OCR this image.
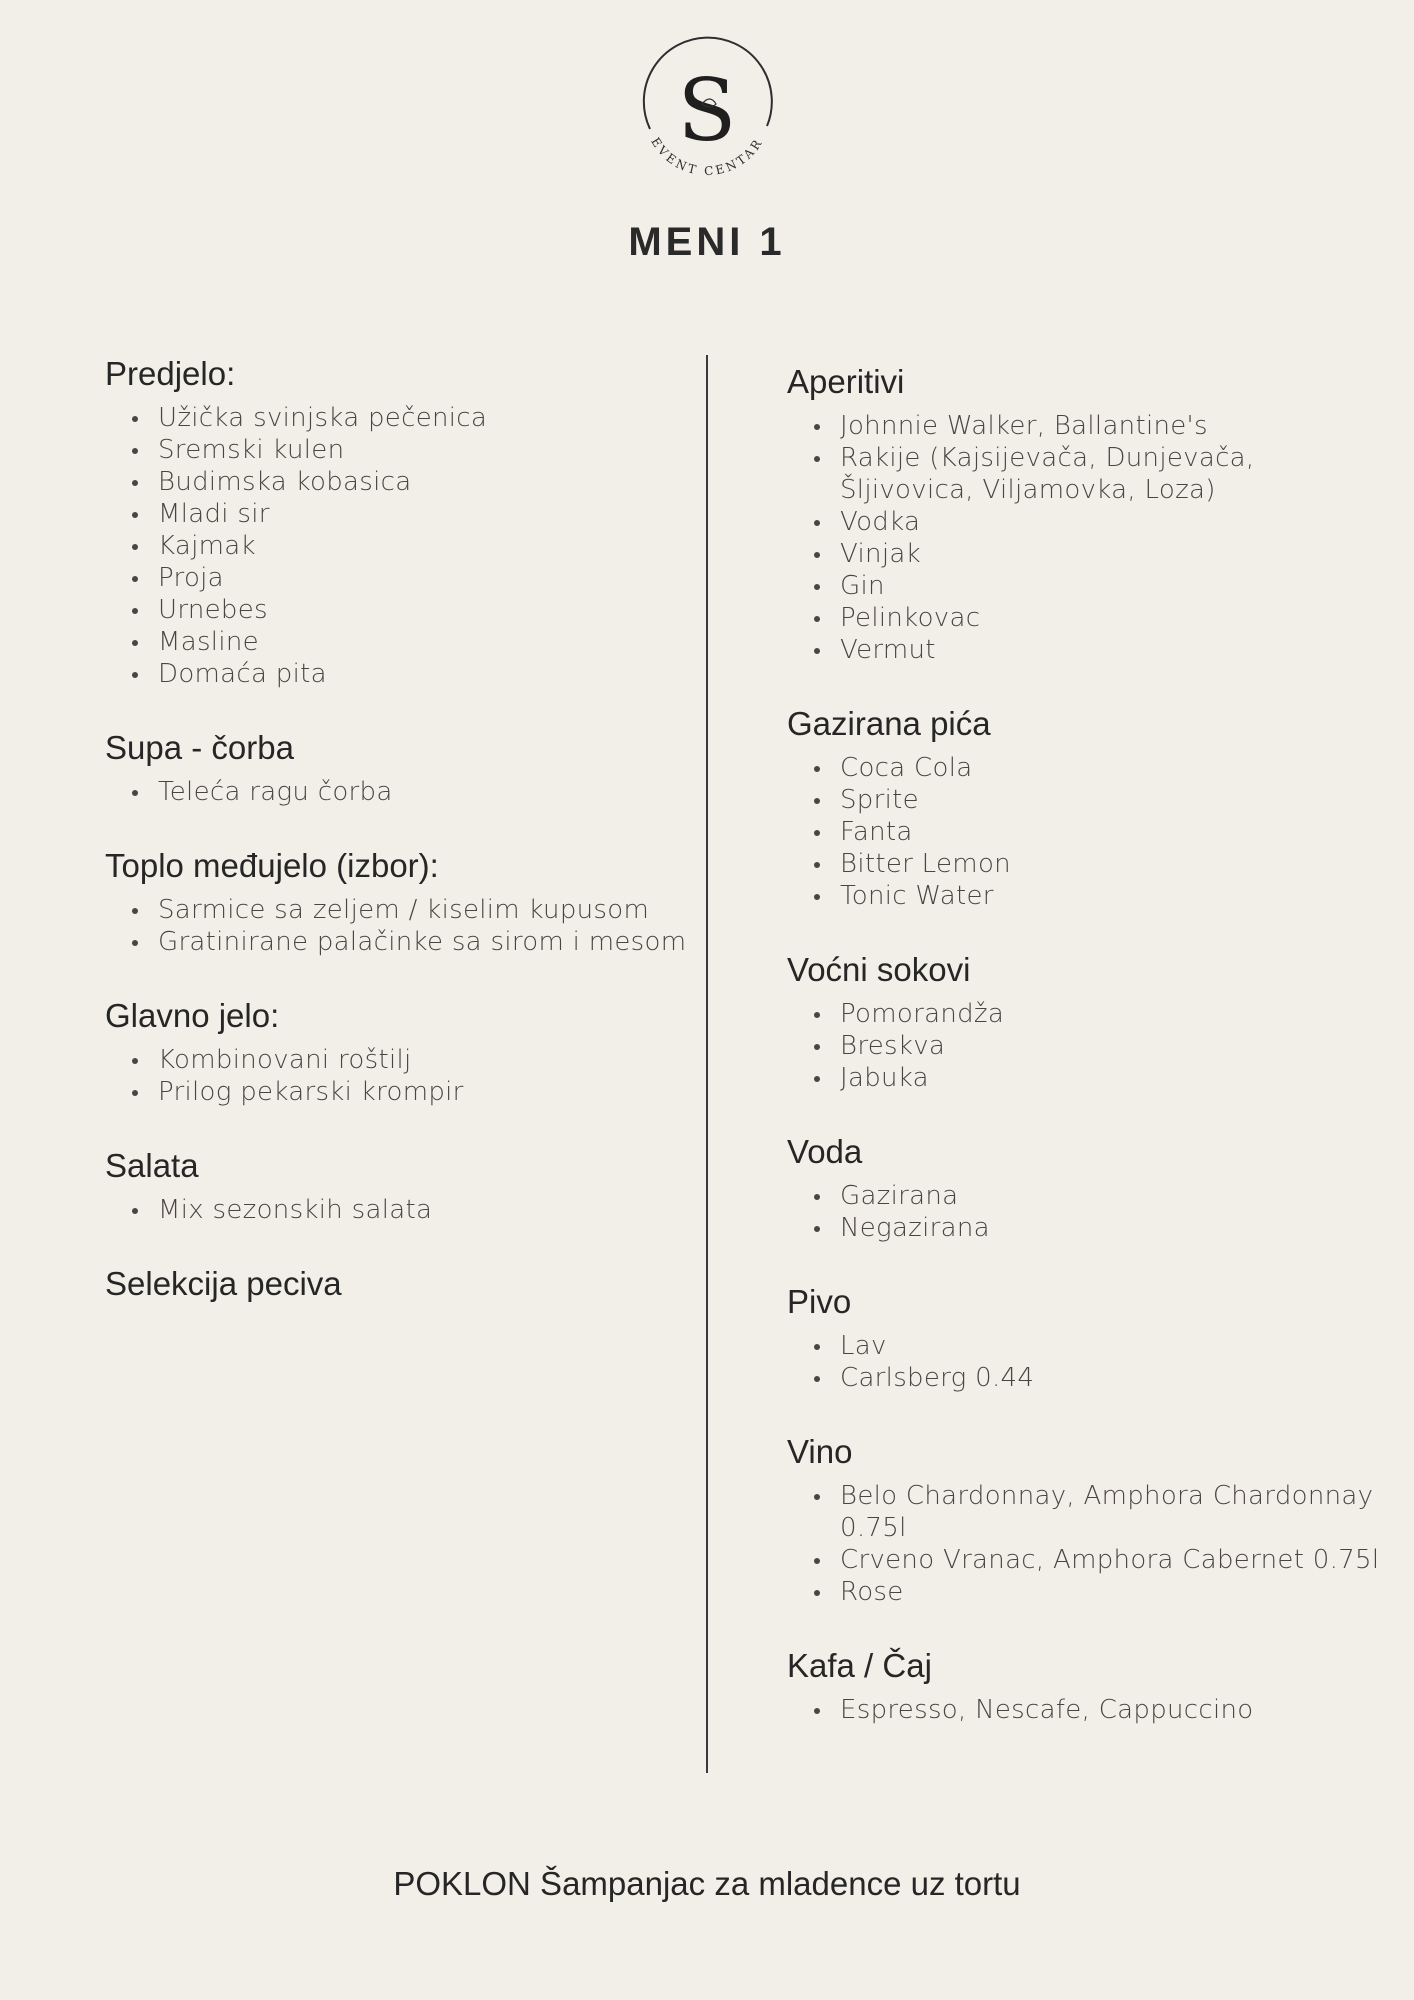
S
EVENT CENTAR
MENI 1
Predjelo:
Užička svinjska pečenica
Sremski kulen
Budimska kobasica
Mladi sir
Kajmak
Proja
Urnebes
Masline
Domaća pita
Supa - čorba
Teleća ragu čorba
Toplo međujelo (izbor):
Sarmice sa zeljem / kiselim kupusom
Gratinirane palačinke sa sirom i mesom
Glavno jelo:
Kombinovani roštilj
Prilog pekarski krompir
Salata
Mix sezonskih salata
Selekcija peciva
Aperitivi
Johnnie Walker, Ballantine's
Rakije (Kajsijevača, Dunjevača, Šljivovica, Viljamovka, Loza)
Vodka
Vinjak
Gin
Pelinkovac
Vermut
Gazirana pića
Coca Cola
Sprite
Fanta
Bitter Lemon
Tonic Water
Voćni sokovi
Pomorandža
Breskva
Jabuka
Voda
Gazirana
Negazirana
Pivo
Lav
Carlsberg 0.44
Vino
Belo Chardonnay, Amphora Chardonnay 0.75l
Crveno Vranac, Amphora Cabernet 0.75l
Rose
Kafa / Čaj
Espresso, Nescafe, Cappuccino
POKLON Šampanjac za mladence uz tortu
